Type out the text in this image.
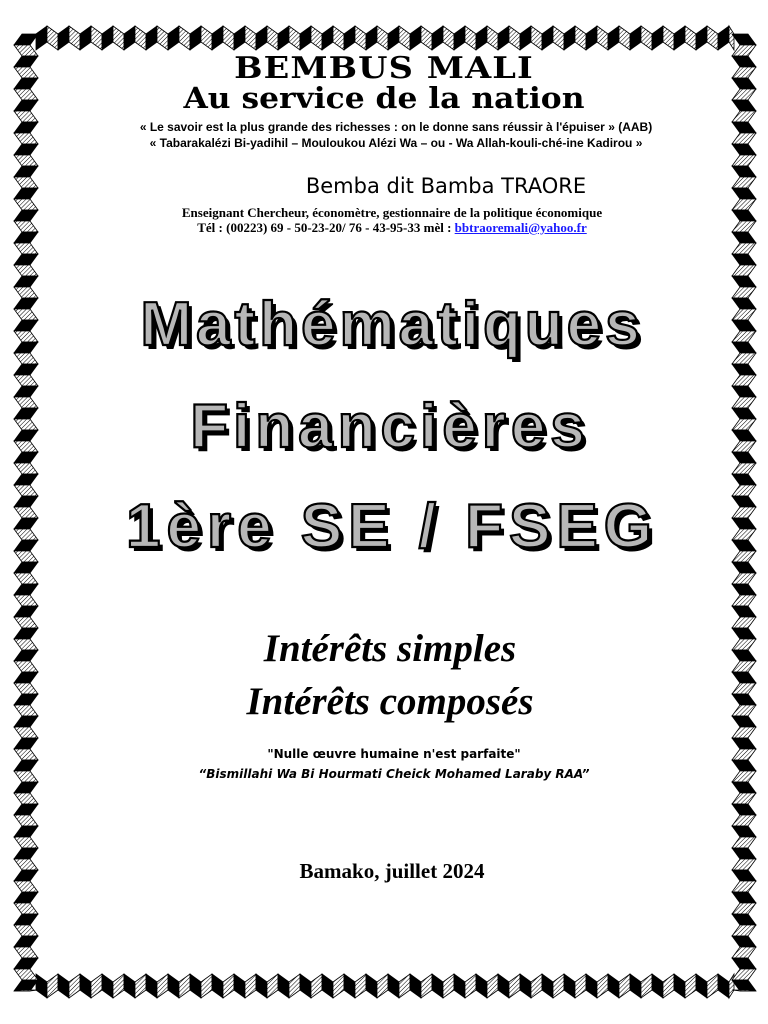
BEMBUS MALI
Au service de la nation
« Le savoir est la plus grande des richesses : on le donne sans réussir à l'épuiser » (AAB)
« Tabarakalézi Bi-yadihil – Mouloukou Alézi Wa – ou - Wa Allah-kouli-ché-ine Kadirou »
Bemba dit Bamba TRAORE
Enseignant Chercheur, économètre, gestionnaire de la politique économique
Tél : (00223) 69 - 50-23-20/ 76 - 43-95-33 mèl : bbtraoremali@yahoo.fr
Mathématiques
Financières
1ère SE / FSEG
Intérêts simples
Intérêts composés
"Nulle œuvre humaine n'est parfaite"
“Bismillahi Wa Bi Hourmati Cheick Mohamed Laraby RAA”
Bamako, juillet 2024
